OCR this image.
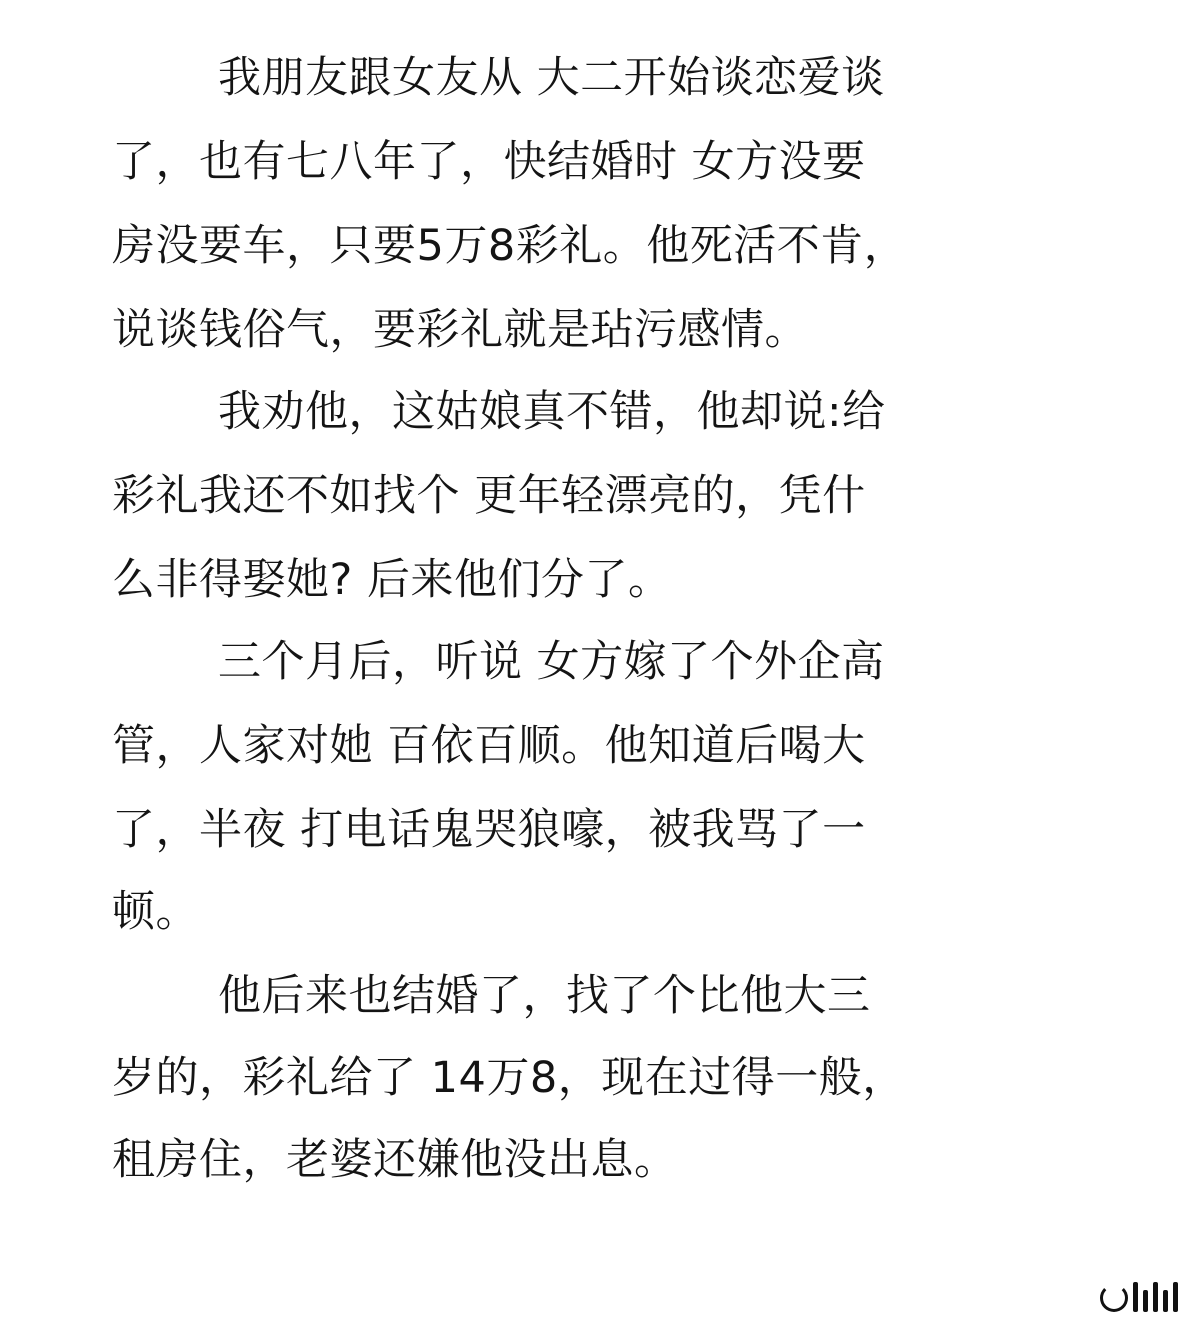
我朋友跟女友从 大二开始谈恋爱谈
了，也有七八年了，快结婚时 女方没要
房没要车，只要5万8彩礼。他死活不肯，
说谈钱俗气，要彩礼就是玷污感情。
我劝他，这姑娘真不错，他却说:给
彩礼我还不如找个 更年轻漂亮的，凭什
么非得娶她? 后来他们分了。
三个月后，听说 女方嫁了个外企高
管，人家对她 百依百顺。他知道后喝大
了，半夜 打电话鬼哭狼嚎，被我骂了一
顿。
他后来也结婚了，找了个比他大三
岁的，彩礼给了 14万8，现在过得一般，
租房住，老婆还嫌他没出息。
